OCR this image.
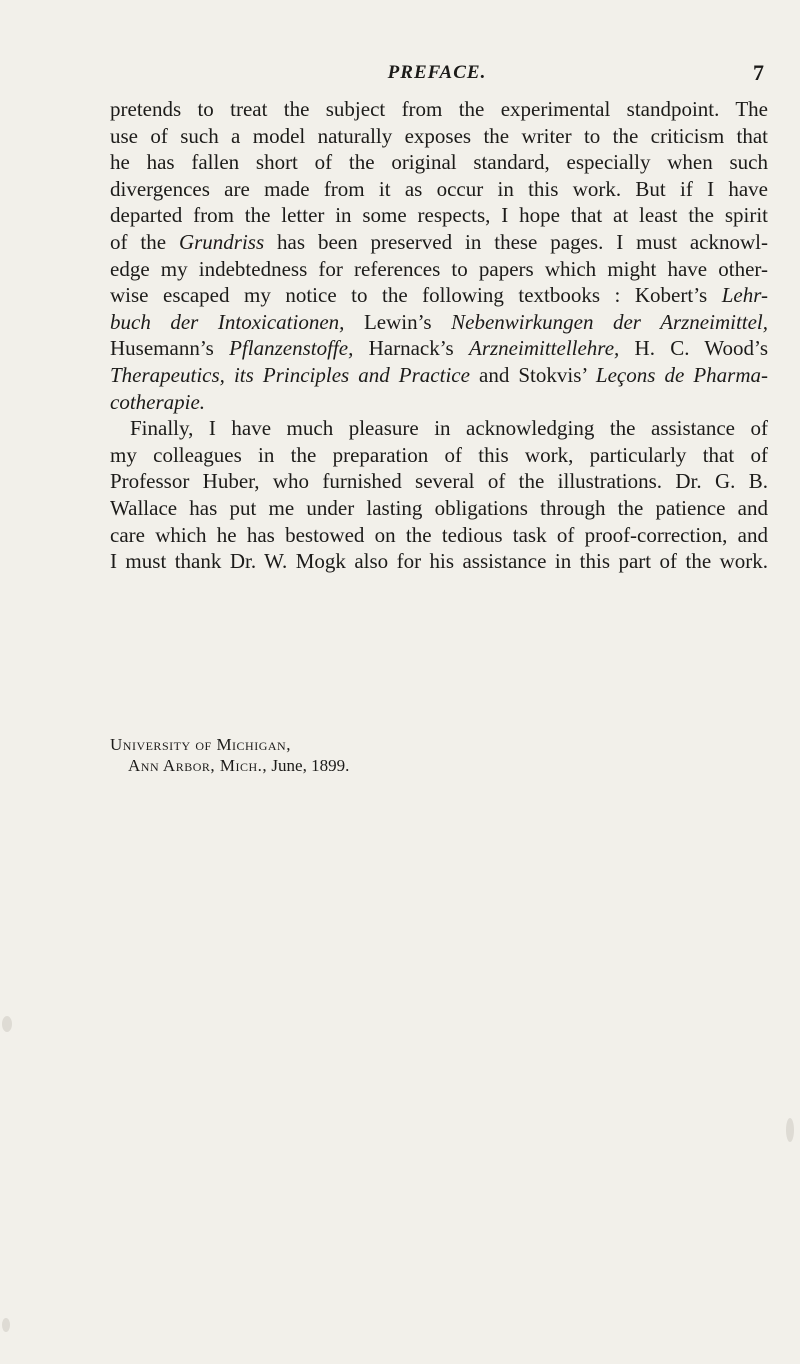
PREFACE.	7
pretends to treat the subject from the experimental standpoint. The
use of such a model naturally exposes the writer to the criticism that
he has fallen short of the original standard, especially when such
divergences are made from it as occur in this work. But if I have
departed from the letter in some respects, I hope that at least the spirit
of the Grundriss has been preserved in these pages. I must acknowl-
edge my indebtedness for references to papers which might have other-
wise escaped my notice to the following textbooks : Kobert’s Lehr-
buch der Intoxicationen, Lewin’s Nebenwirkungen der Arzneimittel,
Husemann’s Pflanzenstoffe, Harnack’s Arzneimittellehre, H. C. Wood’s
Therapeutics, its Principles and Practice and Stokvis’ Leçons de Pharma-
cotherapie.
Finally, I have much pleasure in acknowledging the assistance of
my colleagues in the preparation of this work, particularly that of
Professor Huber, who furnished several of the illustrations. Dr. G. B.
Wallace has put me under lasting obligations through the patience and
care which he has bestowed on the tedious task of proof-correction, and
I must thank Dr. W. Mogk also for his assistance in this part of the work.
University of Michigan,
Ann Arbor, Mich., June, 1899.
